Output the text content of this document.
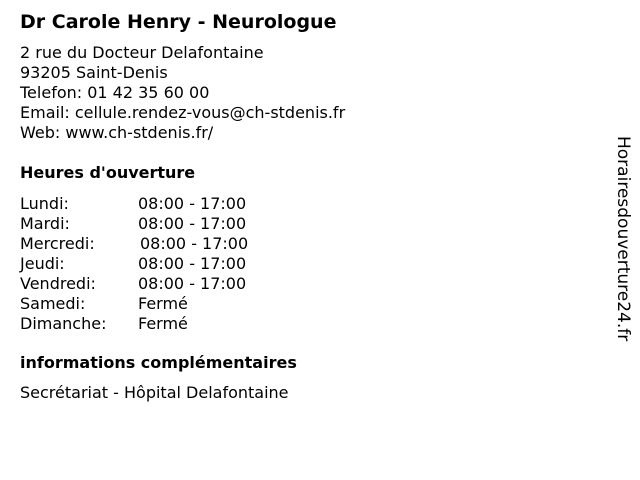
Dr Carole Henry - Neurologue
2 rue du Docteur Delafontaine
93205 Saint-Denis
Telefon: 01 42 35 60 00
Email: cellule.rendez-vous@ch-stdenis.fr
Web: www.ch-stdenis.fr/
Heures d'ouverture
Lundi:	08:00 - 17:00
Mardi:	08:00 - 17:00
Mercredi:	08:00 - 17:00
Jeudi:	08:00 - 17:00
Vendredi:	08:00 - 17:00
Samedi:	Fermé
Dimanche: Fermé
informations complémentaires
Secrétariat - Hôpital Delafontaine
Horairesdouverture24.fr
